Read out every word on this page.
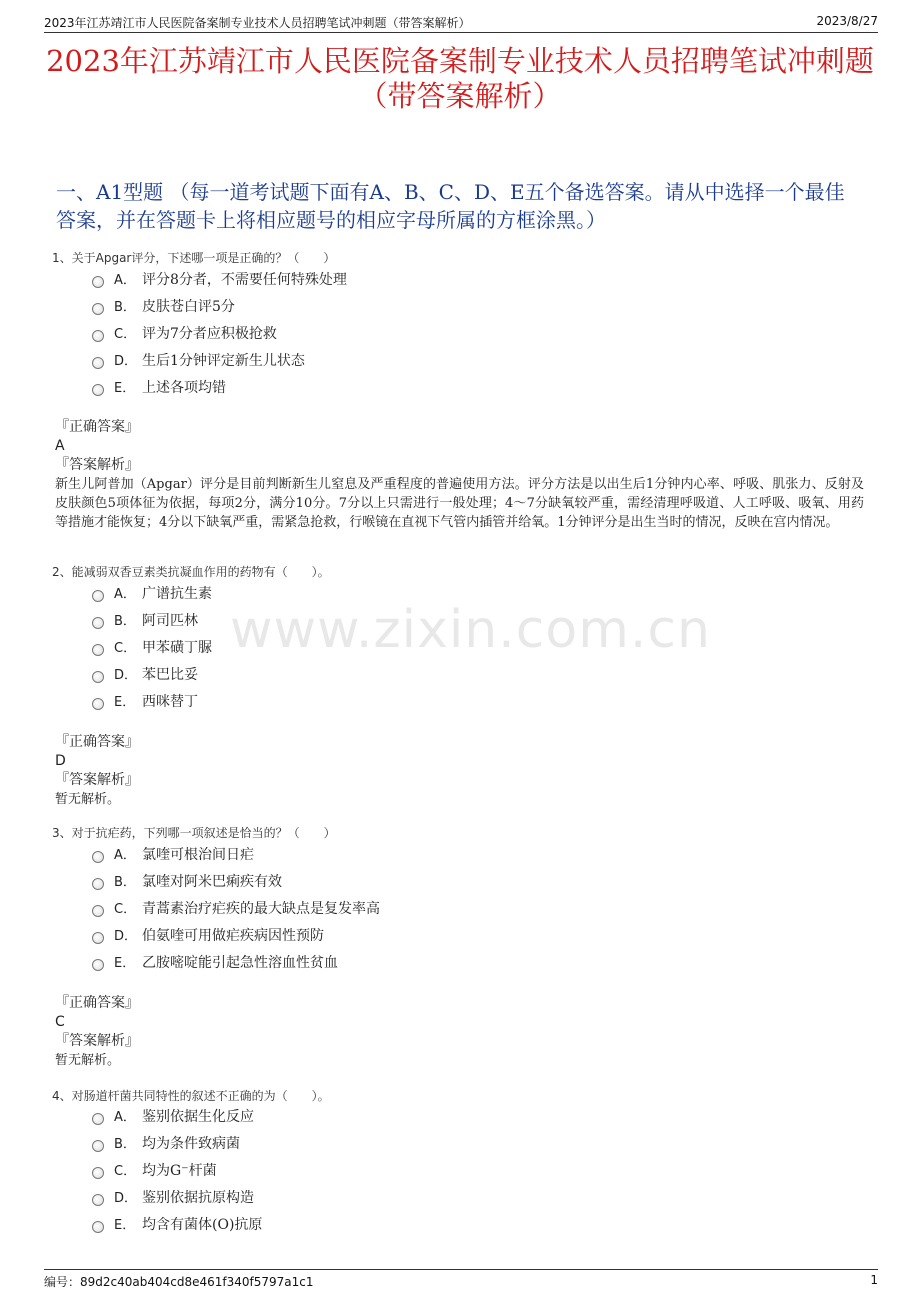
2023年江苏靖江市人民医院备案制专业技术人员招聘笔试冲刺题（带答案解析）	2023/8/27
2023年江苏靖江市人民医院备案制专业技术人员招聘笔试冲刺题（带答案解析）
一、A1型题 （每一道考试题下面有A、B、C、D、E五个备选答案。请从中选择一个最佳答案，并在答题卡上将相应题号的相应字母所属的方框涂黑。）
www.zixin.com.cn
1、关于Apgar评分，下述哪一项是正确的？（　　）
A． 评分8分者，不需要任何特殊处理
B． 皮肤苍白评5分
C． 评为7分者应积极抢救
D． 生后1分钟评定新生儿状态
E． 上述各项均错
『正确答案』
A
『答案解析』
新生儿阿普加（Apgar）评分是目前判断新生儿窒息及严重程度的普遍使用方法。评分方法是以出生后1分钟内心率、呼吸、肌张力、反射及皮肤颜色5项体征为依据，每项2分，满分10分。7分以上只需进行一般处理；4～7分缺氧较严重，需经清理呼吸道、人工呼吸、吸氧、用药等措施才能恢复；4分以下缺氧严重，需紧急抢救，行喉镜在直视下气管内插管并给氧。1分钟评分是出生当时的情况，反映在宫内情况。
2、能减弱双香豆素类抗凝血作用的药物有（　　）。
A． 广谱抗生素
B． 阿司匹林
C． 甲苯磺丁脲
D． 苯巴比妥
E． 西咪替丁
『正确答案』
D
『答案解析』
暂无解析。
3、对于抗疟药，下列哪一项叙述是恰当的？（　　）
A． 氯喹可根治间日疟
B． 氯喹对阿米巴痢疾有效
C． 青蒿素治疗疟疾的最大缺点是复发率高
D． 伯氨喹可用做疟疾病因性预防
E． 乙胺嘧啶能引起急性溶血性贫血
『正确答案』
C
『答案解析』
暂无解析。
4、对肠道杆菌共同特性的叙述不正确的为（　　）。
A． 鉴别依据生化反应
B． 均为条件致病菌
C． 均为G⁻杆菌
D． 鉴别依据抗原构造
E． 均含有菌体(O)抗原
编号：89d2c40ab404cd8e461f340f5797a1c1	1
